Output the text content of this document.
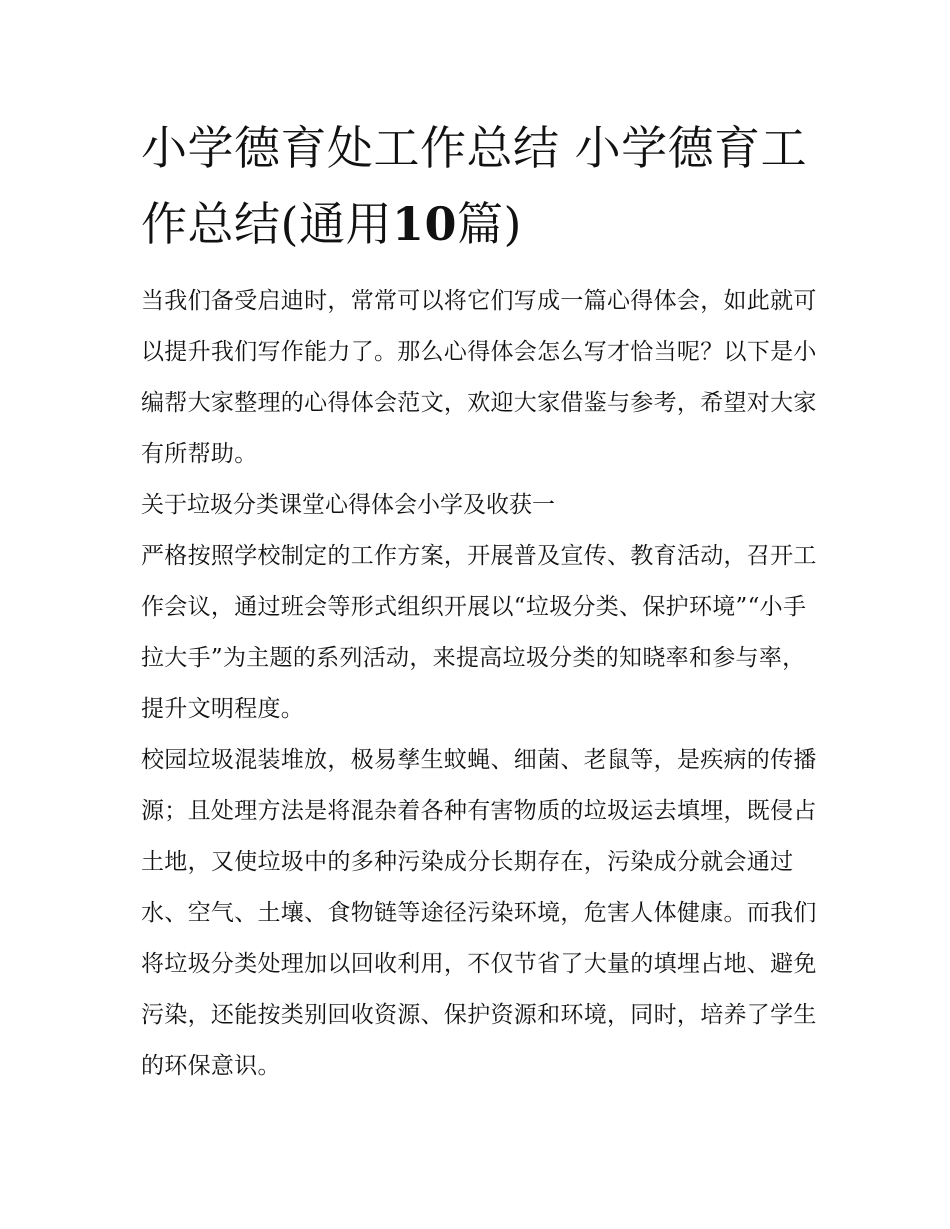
小学德育处工作总结 小学德育工作总结(通用10篇)

当我们备受启迪时，常常可以将它们写成一篇心得体会，如此就可以提升我们写作能力了。那么心得体会怎么写才恰当呢？以下是小编帮大家整理的心得体会范文，欢迎大家借鉴与参考，希望对大家有所帮助。

关于垃圾分类课堂心得体会小学及收获一

严格按照学校制定的工作方案，开展普及宣传、教育活动，召开工作会议，通过班会等形式组织开展以“垃圾分类、保护环境”“小手拉大手”为主题的系列活动，来提高垃圾分类的知晓率和参与率，提升文明程度。

校园垃圾混装堆放，极易孳生蚊蝇、细菌、老鼠等，是疾病的传播源；且处理方法是将混杂着各种有害物质的垃圾运去填埋，既侵占土地，又使垃圾中的多种污染成分长期存在，污染成分就会通过水、空气、土壤、食物链等途径污染环境，危害人体健康。而我们将垃圾分类处理加以回收利用，不仅节省了大量的填埋占地、避免污染，还能按类别回收资源、保护资源和环境，同时，培养了学生的环保意识。
